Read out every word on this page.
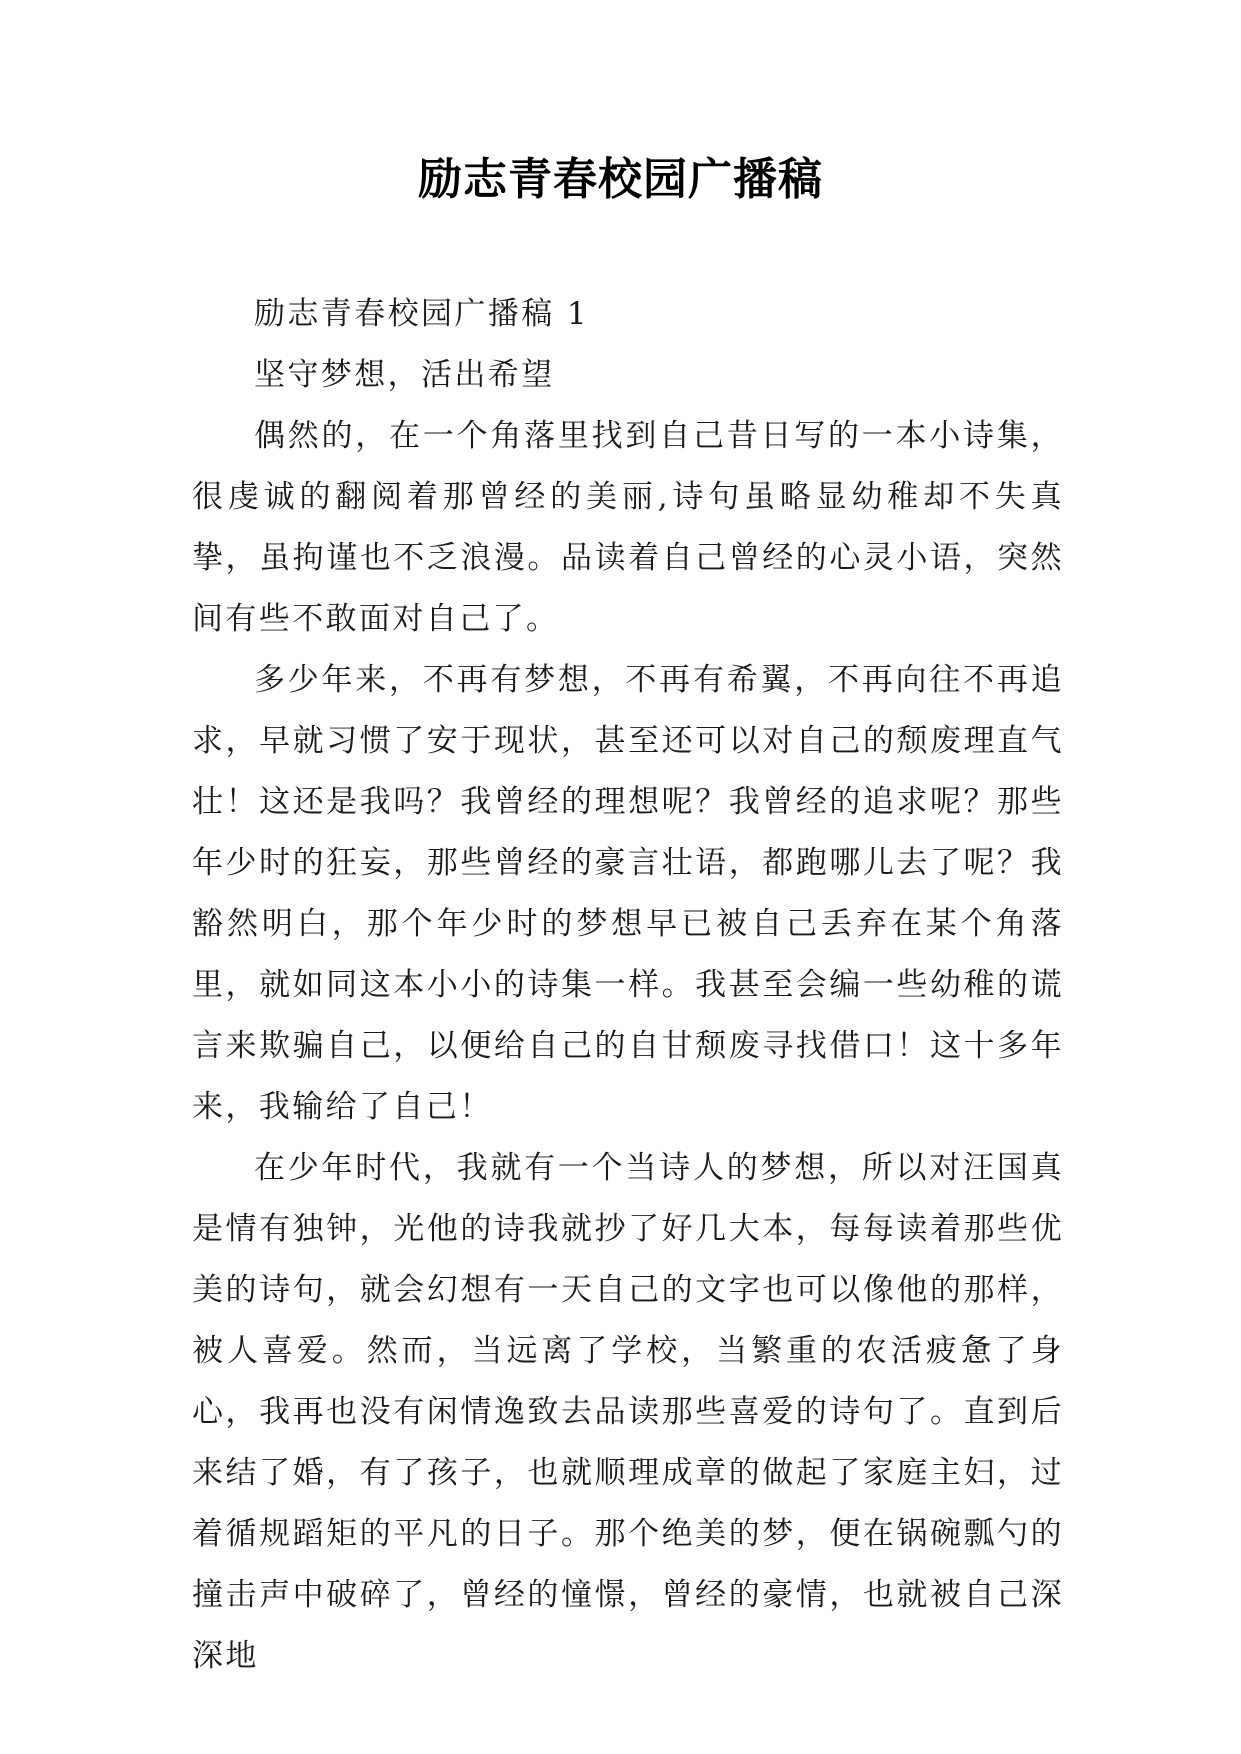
励志青春校园广播稿

励志青春校园广播稿 1

坚守梦想，活出希望

偶然的，在一个角落里找到自己昔日写的一本小诗集，很虔诚的翻阅着那曾经的美丽,诗句虽略显幼稚却不失真挚，虽拘谨也不乏浪漫。品读着自己曾经的心灵小语，突然间有些不敢面对自己了。

多少年来，不再有梦想，不再有希翼，不再向往不再追求，早就习惯了安于现状，甚至还可以对自己的颓废理直气壮！这还是我吗？我曾经的理想呢？我曾经的追求呢？那些年少时的狂妄，那些曾经的豪言壮语，都跑哪儿去了呢？我豁然明白，那个年少时的梦想早已被自己丢弃在某个角落里，就如同这本小小的诗集一样。我甚至会编一些幼稚的谎言来欺骗自己，以便给自己的自甘颓废寻找借口！这十多年来，我输给了自己！

在少年时代，我就有一个当诗人的梦想，所以对汪国真是情有独钟，光他的诗我就抄了好几大本，每每读着那些优美的诗句，就会幻想有一天自己的文字也可以像他的那样，被人喜爱。然而，当远离了学校，当繁重的农活疲惫了身心，我再也没有闲情逸致去品读那些喜爱的诗句了。直到后来结了婚，有了孩子，也就顺理成章的做起了家庭主妇，过着循规蹈矩的平凡的日子。那个绝美的梦，便在锅碗瓢勺的撞击声中破碎了，曾经的憧憬，曾经的豪情，也就被自己深深地
